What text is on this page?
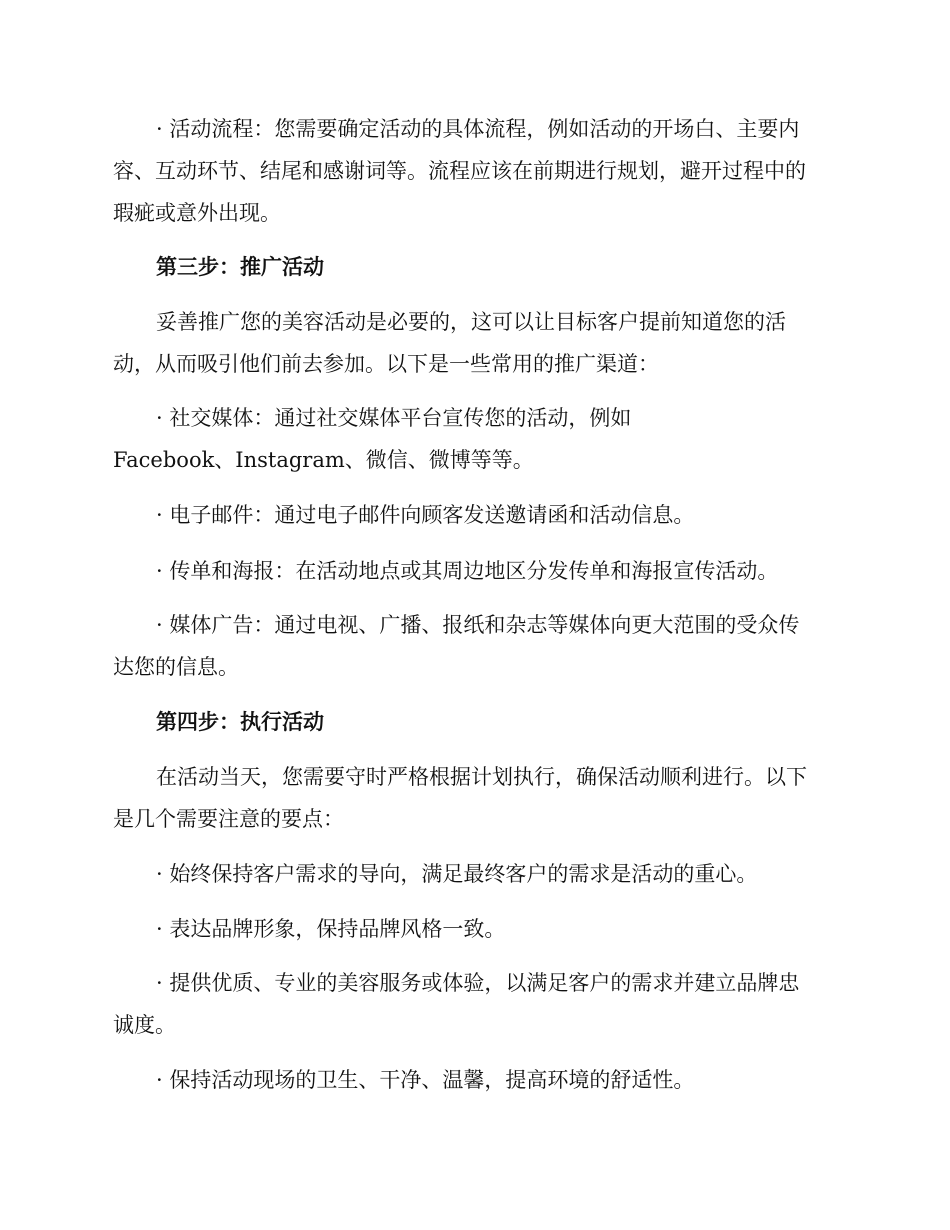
· 活动流程：您需要确定活动的具体流程，例如活动的开场白、主要内
容、互动环节、结尾和感谢词等。流程应该在前期进行规划，避开过程中的
瑕疵或意外出现。

第三步：推广活动

妥善推广您的美容活动是必要的，这可以让目标客户提前知道您的活
动，从而吸引他们前去参加。以下是一些常用的推广渠道：

· 社交媒体：通过社交媒体平台宣传您的活动，例如
Facebook、Instagram、微信、微博等等。

· 电子邮件：通过电子邮件向顾客发送邀请函和活动信息。

· 传单和海报：在活动地点或其周边地区分发传单和海报宣传活动。

· 媒体广告：通过电视、广播、报纸和杂志等媒体向更大范围的受众传
达您的信息。

第四步：执行活动

在活动当天，您需要守时严格根据计划执行，确保活动顺利进行。以下
是几个需要注意的要点：

· 始终保持客户需求的导向，满足最终客户的需求是活动的重心。

· 表达品牌形象，保持品牌风格一致。

· 提供优质、专业的美容服务或体验，以满足客户的需求并建立品牌忠
诚度。

· 保持活动现场的卫生、干净、温馨，提高环境的舒适性。
